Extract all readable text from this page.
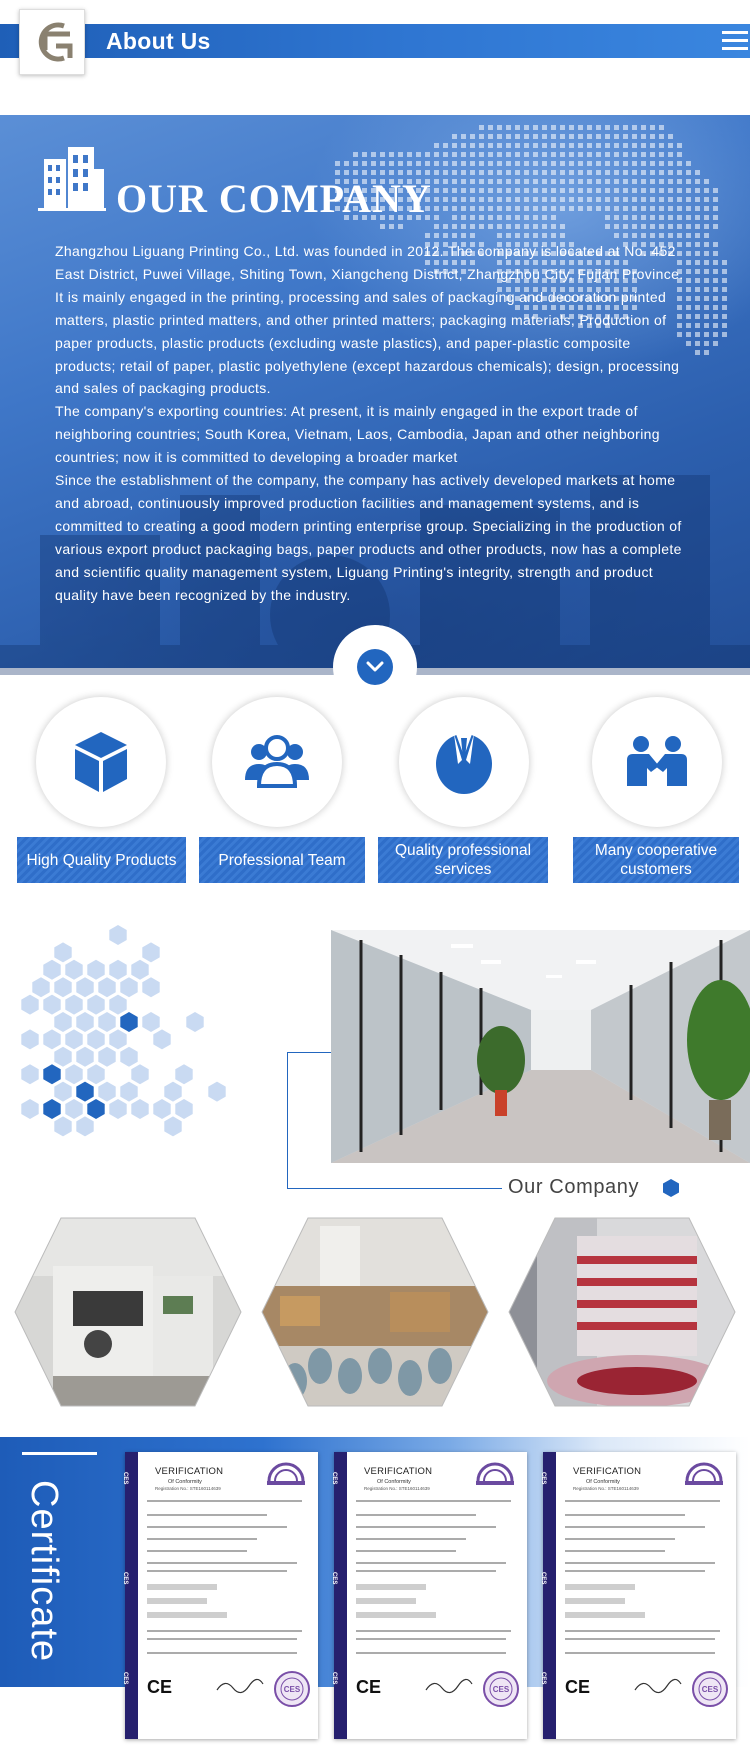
About Us
OUR COMPANY

Zhangzhou Liguang Printing Co., Ltd. was founded in 2012. The company is located at No. 452 East District, Puwei Village, Shiting Town, Xiangcheng District, Zhangzhou City, Fujian Province. It is mainly engaged in the printing, processing and sales of packaging and decoration printed matters, plastic printed matters, and other printed matters; packaging materials, Production of paper products, plastic products (excluding waste plastics), and paper-plastic composite products; retail of paper, plastic polyethylene (except hazardous chemicals); design, processing and sales of packaging products.

The company's exporting countries: At present, it is mainly engaged in the export trade of neighboring countries; South Korea, Vietnam, Laos, Cambodia, Japan and other neighboring countries; now it is committed to developing a broader market

Since the establishment of the company, the company has actively developed markets at home and abroad, continuously improved production facilities and management systems, and is committed to creating a good modern printing enterprise group. Specializing in the production of various export product packaging bags, paper products and other products, now has a complete and scientific quality management system, Liguang Printing's integrity, strength and product quality have been recognized by the industry.

High Quality Products	Professional Team
Quality professional services
Many cooperative customers
Our Company
Certificate
CES
CES
CES
VERIFICATION
Of Conformity
Registration No.: STE160114639
CE	CES
CES
CES
CES
VERIFICATION
Of Conformity
Registration No.: STE160114639
CE	CES
CES
CES
CES
VERIFICATION
Of Conformity
Registration No.: STE160114639
CE	CES
